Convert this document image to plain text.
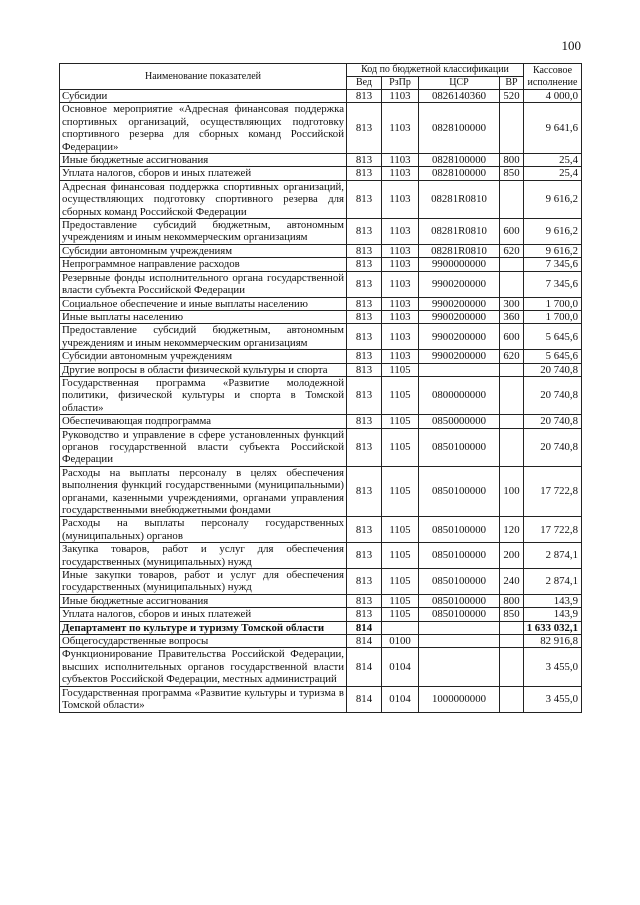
100
Наименование показателей	Код по бюджетной классификации				Кассовое исполнение
	Вед	РзПр	ЦСР	ВР	
Субсидии	813	1103	0826140360	520	4 000,0
Основное мероприятие «Адресная финансовая поддержка спортивных организаций, осуществляющих подготовку спортивного резерва для сборных команд Российской Федерации»	813	1103	0828100000		9 641,6
Иные бюджетные ассигнования	813	1103	0828100000	800	25,4
Уплата налогов, сборов и иных платежей	813	1103	0828100000	850	25,4
Адресная финансовая поддержка спортивных организаций, осуществляющих подготовку спортивного резерва для сборных команд Российской Федерации	813	1103	08281R0810		9 616,2
Предоставление субсидий бюджетным, автономным учреждениям и иным некоммерческим организациям	813	1103	08281R0810	600	9 616,2
Субсидии автономным учреждениям	813	1103	08281R0810	620	9 616,2
Непрограммное направление расходов	813	1103	9900000000		7 345,6
Резервные фонды исполнительного органа государственной власти субъекта Российской Федерации	813	1103	9900200000		7 345,6
Социальное обеспечение и иные выплаты населению	813	1103	9900200000	300	1 700,0
Иные выплаты населению	813	1103	9900200000	360	1 700,0
Предоставление субсидий бюджетным, автономным учреждениям и иным некоммерческим организациям	813	1103	9900200000	600	5 645,6
Субсидии автономным учреждениям	813	1103	9900200000	620	5 645,6
Другие вопросы в области физической культуры и спорта	813	1105			20 740,8
Государственная программа «Развитие молодежной политики, физической культуры и спорта в Томской области»	813	1105	0800000000		20 740,8
Обеспечивающая подпрограмма	813	1105	0850000000		20 740,8
Руководство и управление в сфере установленных функций органов государственной власти субъекта Российской Федерации	813	1105	0850100000		20 740,8
Расходы на выплаты персоналу в целях обеспечения выполнения функций государственными (муниципальными) органами, казенными учреждениями, органами управления государственными внебюджетными фондами	813	1105	0850100000	100	17 722,8
Расходы на выплаты персоналу государственных (муниципальных) органов	813	1105	0850100000	120	17 722,8
Закупка товаров, работ и услуг для обеспечения государственных (муниципальных) нужд	813	1105	0850100000	200	2 874,1
Иные закупки товаров, работ и услуг для обеспечения государственных (муниципальных) нужд	813	1105	0850100000	240	2 874,1
Иные бюджетные ассигнования	813	1105	0850100000	800	143,9
Уплата налогов, сборов и иных платежей	813	1105	0850100000	850	143,9
Департамент по культуре и туризму Томской области	814				1 633 032,1
Общегосударственные вопросы	814	0100			82 916,8
Функционирование Правительства Российской Федерации, высших исполнительных органов государственной власти субъектов Российской Федерации, местных администраций	814	0104			3 455,0
Государственная программа «Развитие культуры и туризма в Томской области»	814	0104	1000000000		3 455,0
